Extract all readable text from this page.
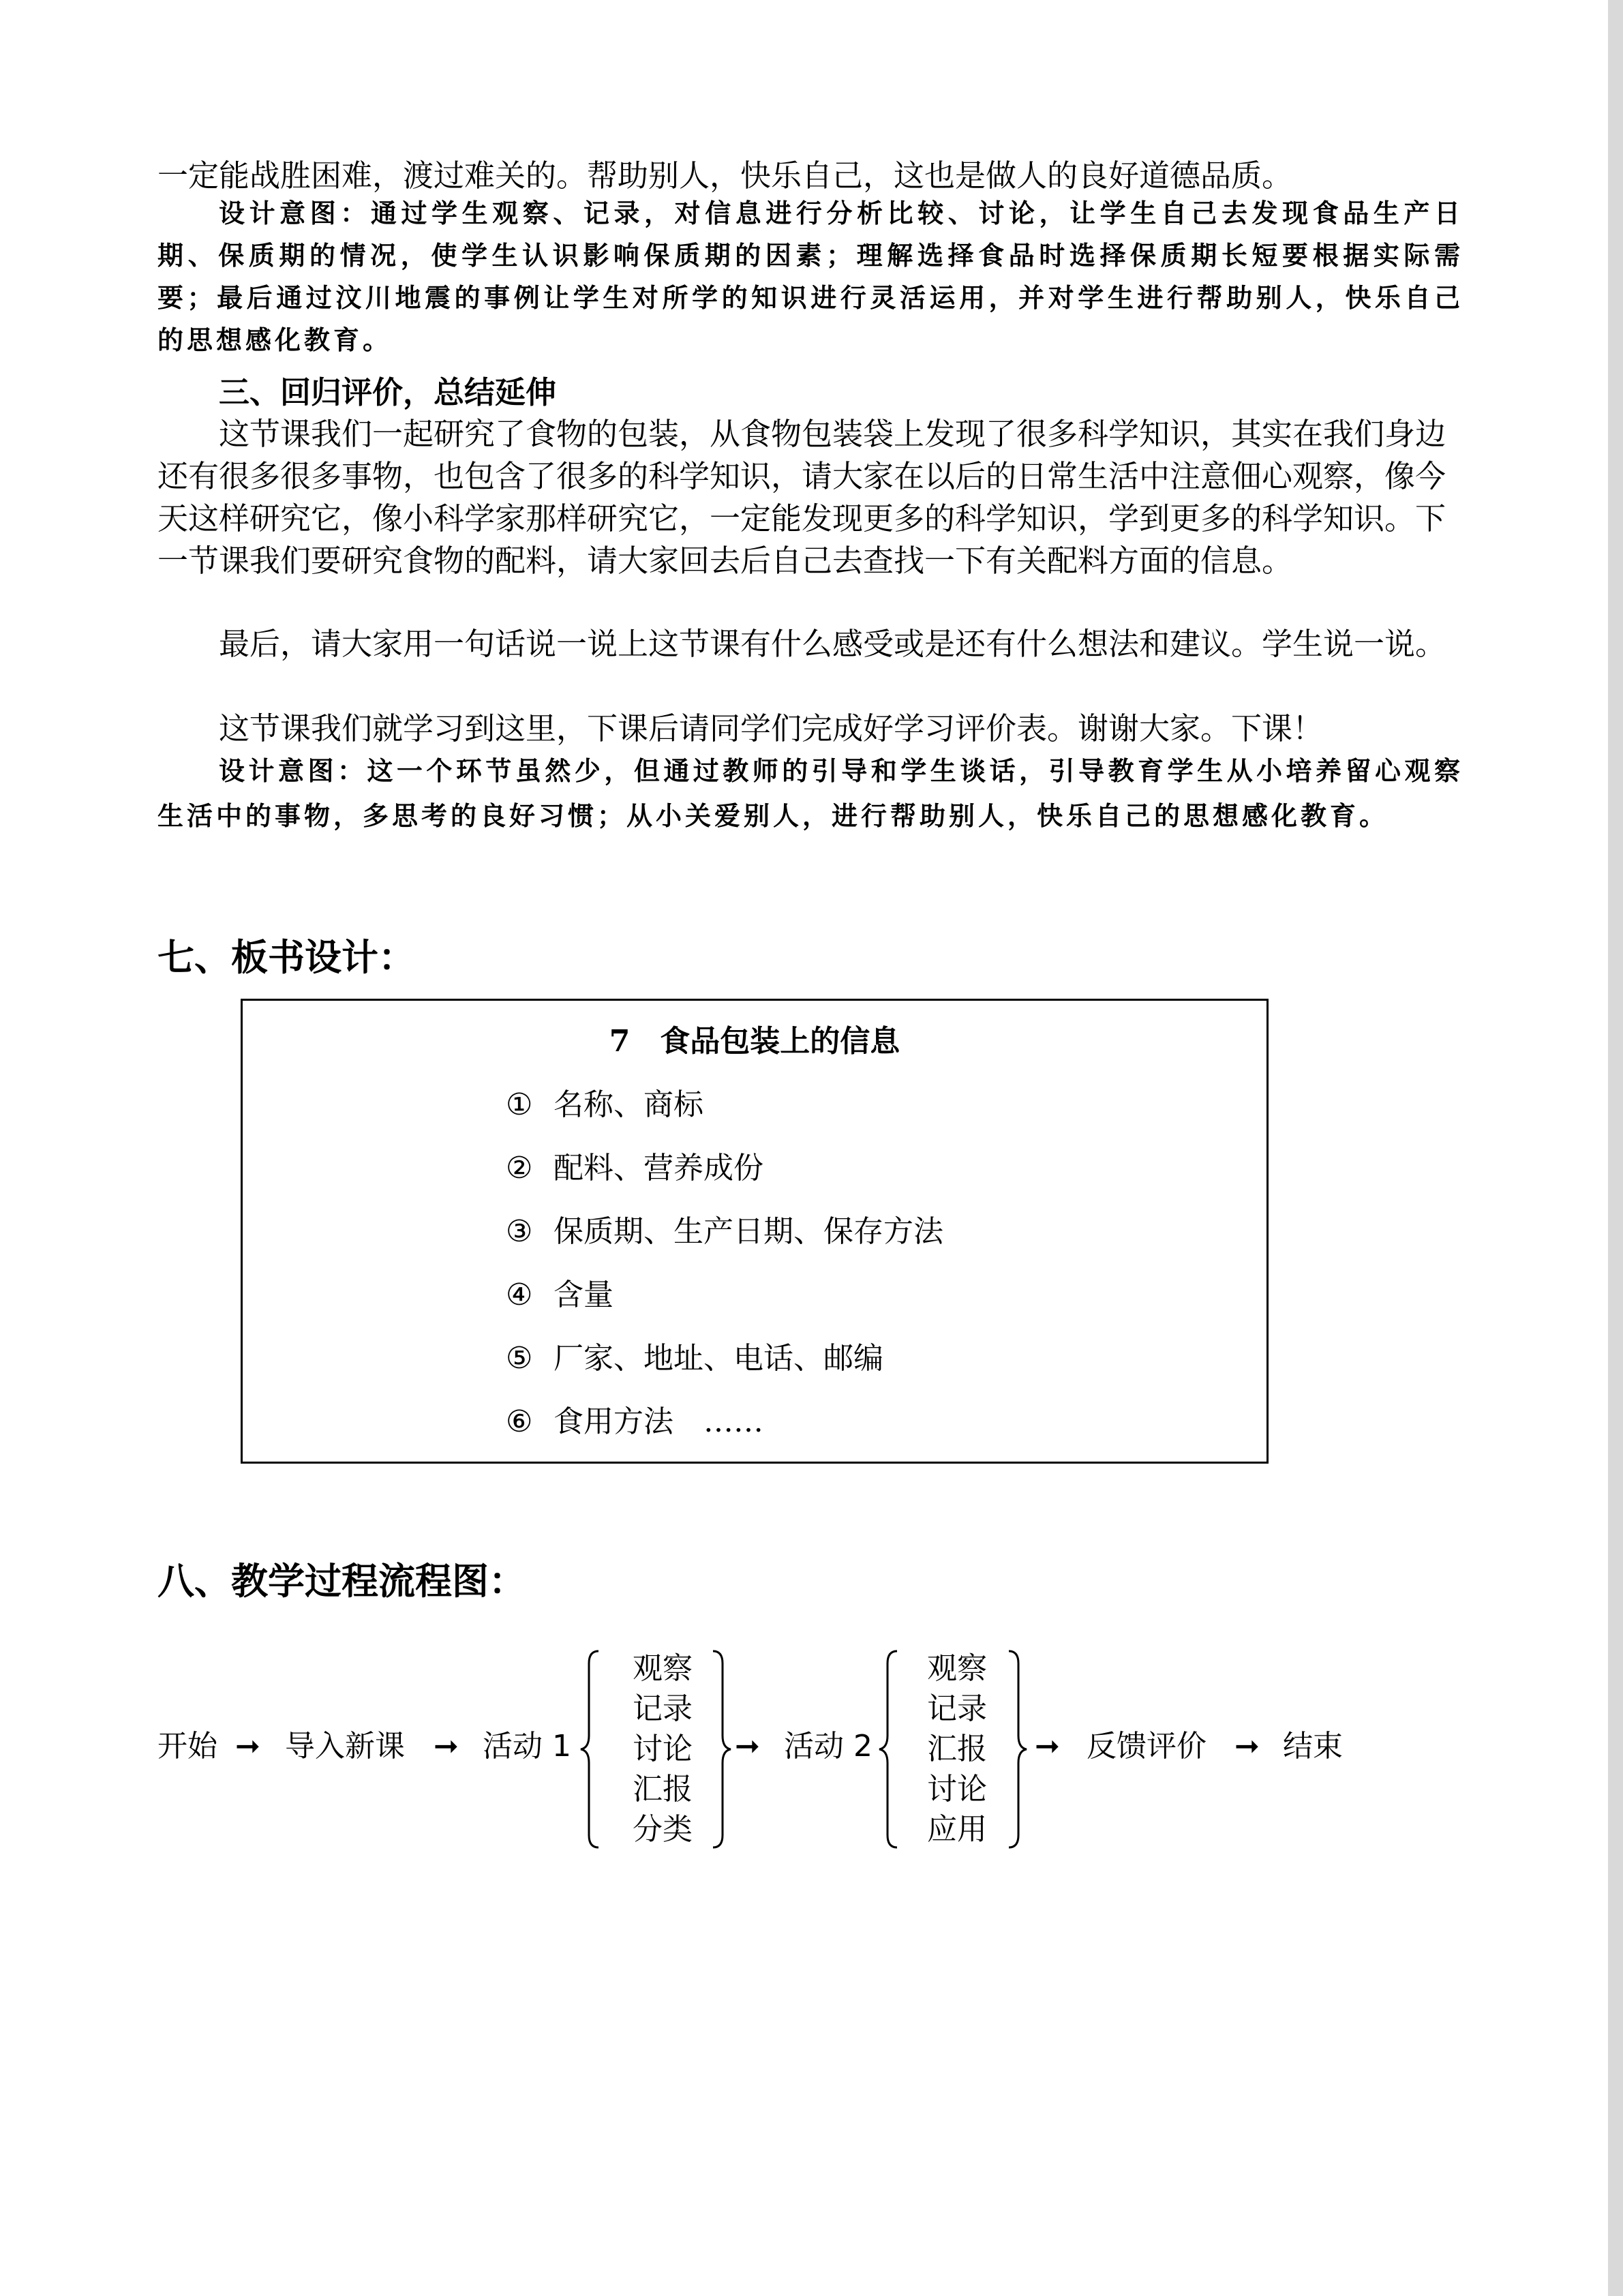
一定能战胜困难，渡过难关的。帮助别人，快乐自己，这也是做人的良好道德品质。

设计意图：通过学生观察、记录，对信息进行分析比较、讨论，让学生自己去发现食品生产日期、保质期的情况，使学生认识影响保质期的因素；理解选择食品时选择保质期长短要根据实际需要；最后通过汶川地震的事例让学生对所学的知识进行灵活运用，并对学生进行帮助别人，快乐自己的思想感化教育。

三、回归评价，总结延伸

这节课我们一起研究了食物的包装，从食物包装袋上发现了很多科学知识，其实在我们身边还有很多很多事物，也包含了很多的科学知识，请大家在以后的日常生活中注意佃心观察，像今天这样研究它，像小科学家那样研究它，一定能发现更多的科学知识，学到更多的科学知识。下一节课我们要研究食物的配料，请大家回去后自己去查找一下有关配料方面的信息。

最后，请大家用一句话说一说上这节课有什么感受或是还有什么想法和建议。学生说一说。

这节课我们就学习到这里，下课后请同学们完成好学习评价表。谢谢大家。下课！

设计意图：这一个环节虽然少，但通过教师的引导和学生谈话，引导教育学生从小培养留心观察生活中的事物，多思考的良好习惯；从小关爱别人，进行帮助别人，快乐自己的思想感化教育。

七、板书设计：

7　食品包装上的信息
① 名称、商标
② 配料、营养成份
③ 保质期、生产日期、保存方法
④ 含量
⑤ 厂家、地址、电话、邮编
⑥ 食用方法　……

八、教学过程流程图：

开始 ➞ 导入新课 ➞ 活动 1
观察
记录
讨论
汇报
分类
➞ 活动 2
观察
记录
汇报
讨论
应用
➞ 反馈评价 ➞ 结束
